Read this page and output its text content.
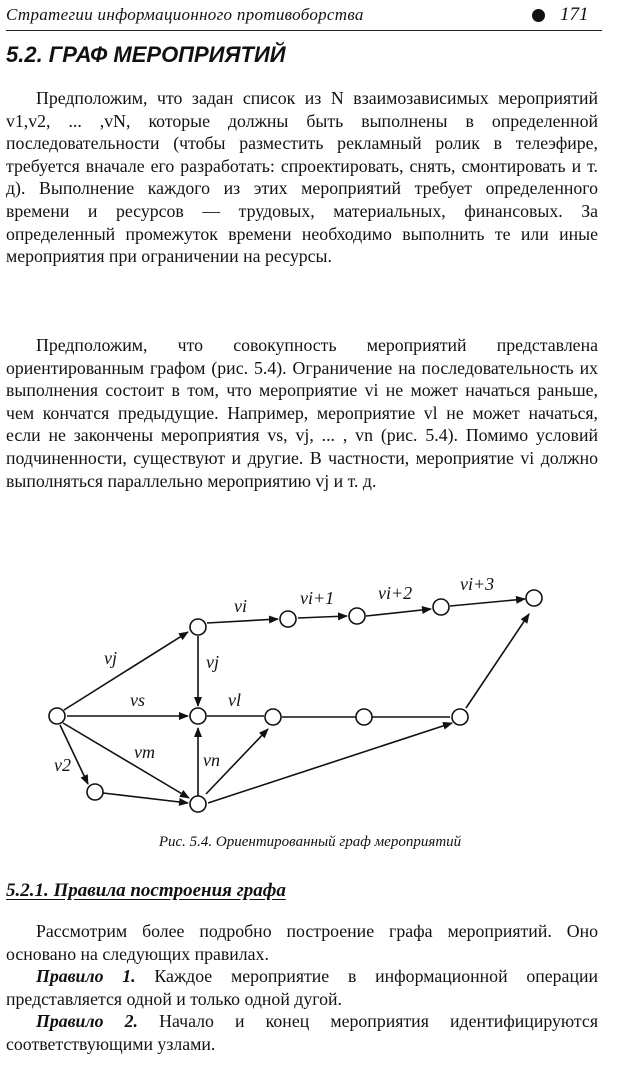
Стратегии информационного противоборства	171
5.2. ГРАФ МЕРОПРИЯТИЙ

Предположим, что задан список из N взаимозависимых мероприятий v1,v2, ... ,vN, которые должны быть выполнены в определенной последовательности (чтобы разместить рекламный ролик в телеэфире, требуется вначале его разработать: спроектировать, снять, смонтировать и т. д). Выполнение каждого из этих мероприятий требует определенного времени и ресурсов — трудовых, материальных, финансовых. За определенный промежуток времени необходимо выполнить те или иные мероприятия при ограничении на ресурсы.

Предположим, что совокупность мероприятий представлена ориентированным графом (рис. 5.4). Ограничение на последовательность их выполнения состоит в том, что мероприятие vi не может начаться раньше, чем кончатся предыдущие. Например, мероприятие vl не может начаться, если не закончены мероприятия vs, vj, ... , vn (рис. 5.4). Помимо условий подчиненности, существуют и другие. В частности, мероприятие vi должно выполняться параллельно мероприятию vj и т. д.

vi	vi+1 vi+2	vi+3
vj	vj
vs	vl
vm	vn
v2
Рис. 5.4. Ориентированный граф мероприятий
5.2.1. Правила построения графа
Рассмотрим более подробно построение графа мероприятий. Оно основано на следующих правилах.
Правило 1. Каждое мероприятие в информационной операции представляется одной и только одной дугой.
Правило 2. Начало и конец мероприятия идентифицируются соответствующими узлами.
